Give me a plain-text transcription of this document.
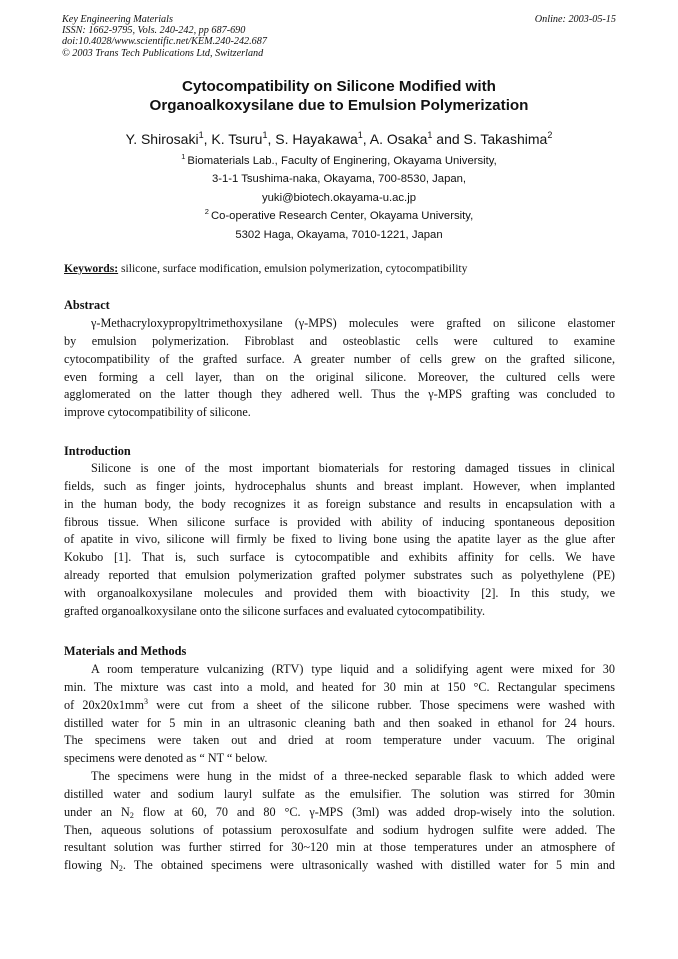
Key Engineering Materials
ISSN: 1662-9795, Vols. 240-242, pp 687-690
doi:10.4028/www.scientific.net/KEM.240-242.687
© 2003 Trans Tech Publications Ltd, Switzerland
Online: 2003-05-15
Cytocompatibility on Silicone Modified with
Organoalkoxysilane due to Emulsion Polymerization
Y. Shirosaki$^1$, K. Tsuru$^1$, S. Hayakawa$^1$, A. Osaka$^1$ and S. Takashima$^2$
$^1$ Biomaterials Lab., Faculty of Enginering, Okayama University,
3-1-1 Tsushima-naka, Okayama, 700-8530, Japan,
yuki@biotech.okayama-u.ac.jp
$^2$ Co-operative Research Center, Okayama University,
5302 Haga, Okayama, 7010-1221, Japan
Keywords: silicone, surface modification, emulsion polymerization, cytocompatibility
Abstract
γ-Methacryloxypropyltrimethoxysilane (γ-MPS) molecules were grafted on silicone elastomer
by emulsion polymerization. Fibroblast and osteoblastic cells were cultured to examine
cytocompatibility of the grafted surface. A greater number of cells grew on the grafted silicone,
even forming a cell layer, than on the original silicone. Moreover, the cultured cells were
agglomerated on the latter though they adhered well. Thus the γ-MPS grafting was concluded to
improve cytocompatibility of silicone.
Introduction
Silicone is one of the most important biomaterials for restoring damaged tissues in clinical
fields, such as finger joints, hydrocephalus shunts and breast implant. However, when implanted
in the human body, the body recognizes it as foreign substance and results in encapsulation with a
fibrous tissue. When silicone surface is provided with ability of inducing spontaneous deposition
of apatite in vivo, silicone will firmly be fixed to living bone using the apatite layer as the glue after
Kokubo [1]. That is, such surface is cytocompatible and exhibits affinity for cells. We have
already reported that emulsion polymerization grafted polymer substrates such as polyethylene (PE)
with organoalkoxysilane molecules and provided them with bioactivity [2]. In this study, we
grafted organoalkoxysilane onto the silicone surfaces and evaluated cytocompatibility.
Materials and Methods
A room temperature vulcanizing (RTV) type liquid and a solidifying agent were mixed for 30
min. The mixture was cast into a mold, and heated for 30 min at 150 °C. Rectangular specimens
of $20x20x1mm^3$ were cut from a sheet of the silicone rubber. Those specimens were washed with
distilled water for 5 min in an ultrasonic cleaning bath and then soaked in ethanol for 24 hours.
The specimens were taken out and dried at room temperature under vacuum. The original
specimens were denoted as “ NT “ below.
The specimens were hung in the midst of a three-necked separable flask to which added were
distilled water and sodium lauryl sulfate as the emulsifier. The solution was stirred for 30min
under an $N_2$ flow at 60, 70 and 80 °C. γ-MPS (3ml) was added drop-wisely into the solution.
Then, aqueous solutions of potassium peroxosulfate and sodium hydrogen sulfite were added. The
resultant solution was further stirred for 30~120 min at those temperatures under an atmosphere of
flowing $N_2$. The obtained specimens were ultrasonically washed with distilled water for 5 min and
